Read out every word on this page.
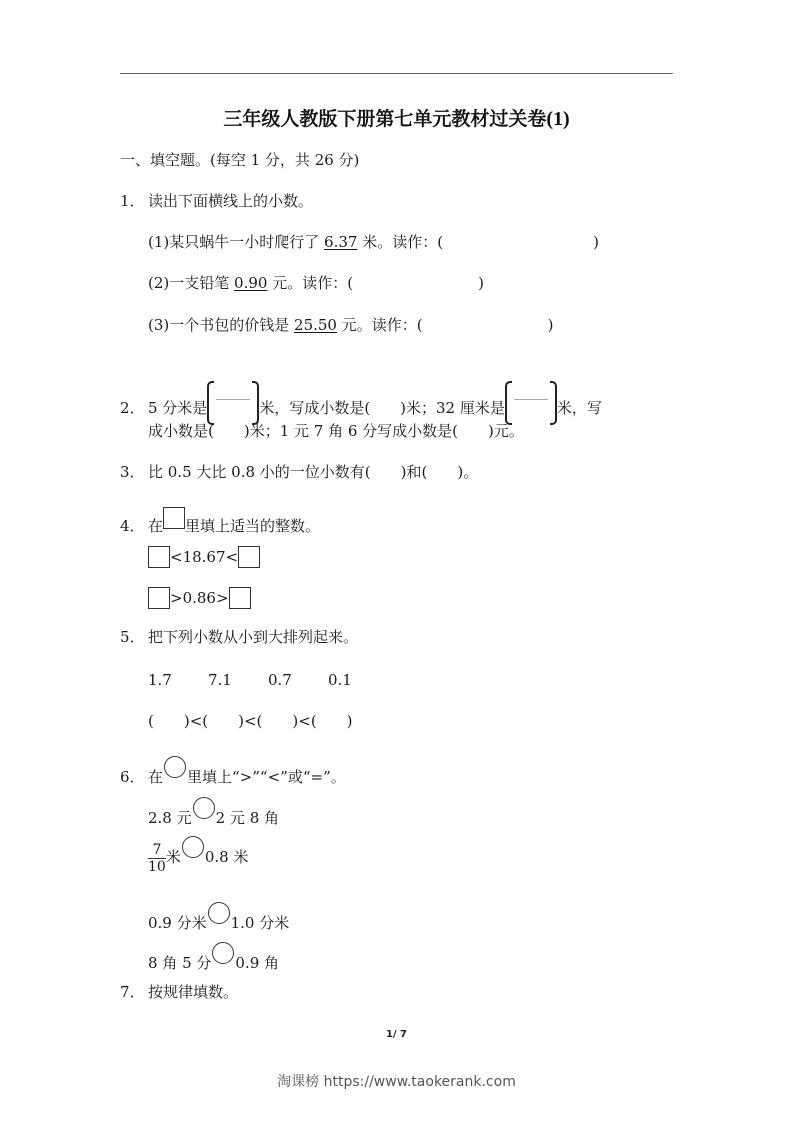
三年级人教版下册第七单元教材过关卷(1)
一、填空题。(每空 1 分，共 26 分)
1． 读出下面横线上的小数。
(1)某只蜗牛一小时爬行了 6.37 米。读作：(	)
(2)一支铅笔 0.90 元。读作：(	)
(3)一个书包的价钱是 25.50 元。读作：(	)
2． 5 分米是	米，写成小数是(　　)米；32 厘米是	米，写
成小数是(　　)米；1 元 7 角 6 分写成小数是(　　)元。
3． 比 0.5 大比 0.8 小的一位小数有(　　)和(　　)。
4． 在 里填上适当的整数。
<18.67<
>0.86>
5． 把下列小数从小到大排列起来。
1.7 7.1 0.7 0.1
(　　)<(　　)<(　　)<(　　)
6． 在 里填上“>”“<”或“=”。
2.8 元 2 元 8 角
$\frac{7}{10}$ 米 0.8 米
0.9 分米 1.0 分米
8 角 5 分 0.9 角
7． 按规律填数。
1/ 7
淘课榜 https://www.taokerank.com
